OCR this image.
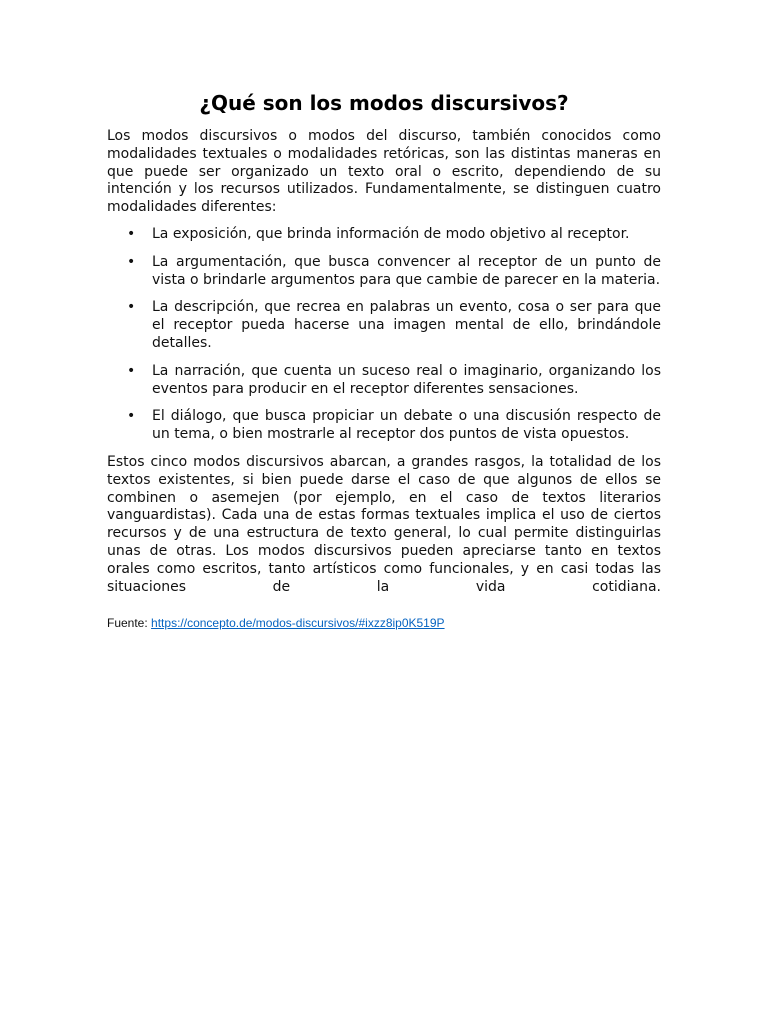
¿Qué son los modos discursivos?

Los modos discursivos o modos del discurso, también conocidos como modalidades textuales o modalidades retóricas, son las distintas maneras en que puede ser organizado un texto oral o escrito, dependiendo de su intención y los recursos utilizados. Fundamentalmente, se distinguen cuatro modalidades diferentes:

• La exposición, que brinda información de modo objetivo al receptor.
• La argumentación, que busca convencer al receptor de un punto de vista o brindarle argumentos para que cambie de parecer en la materia.
• La descripción, que recrea en palabras un evento, cosa o ser para que el receptor pueda hacerse una imagen mental de ello, brindándole detalles.
• La narración, que cuenta un suceso real o imaginario, organizando los eventos para producir en el receptor diferentes sensaciones.
• El diálogo, que busca propiciar un debate o una discusión respecto de un tema, o bien mostrarle al receptor dos puntos de vista opuestos.

Estos cinco modos discursivos abarcan, a grandes rasgos, la totalidad de los textos existentes, si bien puede darse el caso de que algunos de ellos se combinen o asemejen (por ejemplo, en el caso de textos literarios vanguardistas). Cada una de estas formas textuales implica el uso de ciertos recursos y de una estructura de texto general, lo cual permite distinguirlas unas de otras. Los modos discursivos pueden apreciarse tanto en textos orales como escritos, tanto artísticos como funcionales, y en casi todas las situaciones de la vida cotidiana.

Fuente: https://concepto.de/modos-discursivos/#ixzz8ip0K519P
